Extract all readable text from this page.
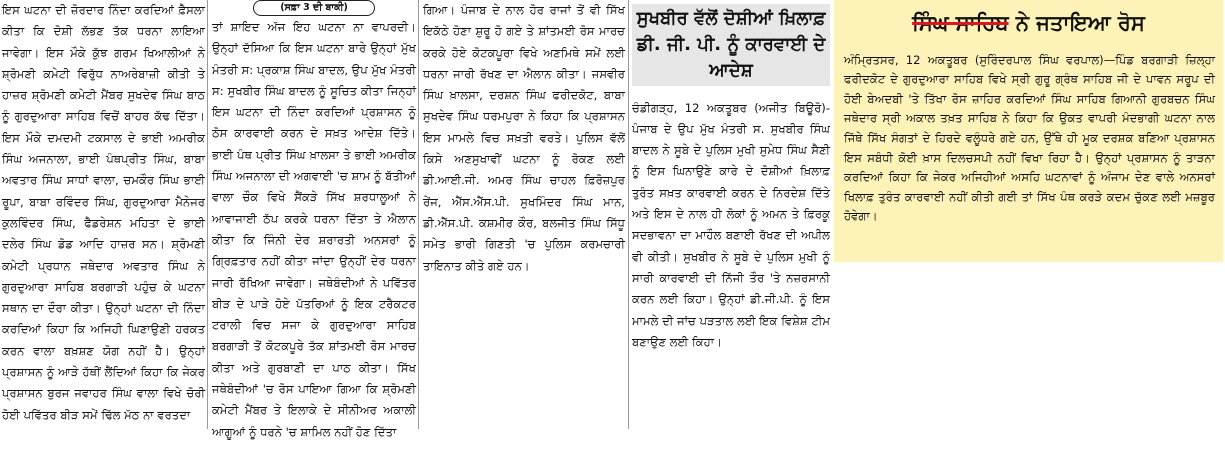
ਇਸ ਘਟਨਾ ਦੀ ਜ਼ੋਰਦਾਰ ਨਿੰਦਾ ਕਰਦਿਆਂ ਫ਼ੈਸਲਾ ਕੀਤਾ ਕਿ ਦੋਸ਼ੀ ਲੱਭਣ ਤੱਕ ਧਰਨਾ ਲਾਇਆ ਜਾਵੇਗਾ। ਇਸ ਮੌਕੇ ਕੁੱਝ ਗਰਮ ਖਿਆਲੀਆਂ ਨੇ ਸ਼੍ਰੋਮਣੀ ਕਮੇਟੀ ਵਿਰੁੱਧ ਨਾਅਰੇਬਾਜ਼ੀ ਕੀਤੀ ਤੇ ਹਾਜ਼ਰ ਸ਼੍ਰੋਮਣੀ ਕਮੇਟੀ ਮੈਂਬਰ ਸੁਖਦੇਵ ਸਿੰਘ ਬਾਠ ਨੂੰ ਗੁਰਦੁਆਰਾ ਸਾਹਿਬ ਵਿਚੋਂ ਬਾਹਰ ਕੱਢ ਦਿੱਤਾ। ਇਸ ਮੌਕੇ ਦਮਦਮੀ ਟਕਸਾਲ ਦੇ ਭਾਈ ਅਮਰੀਕ ਸਿੰਘ ਅਜਨਾਲਾ, ਭਾਈ ਪੰਥਪ੍ਰੀਤ ਸਿੰਘ, ਬਾਬਾ ਅਵਤਾਰ ਸਿੰਘ ਸਾਧਾਂ ਵਾਲਾ, ਚਮਕੌਰ ਸਿੰਘ ਭਾਈ ਰੂਪਾ, ਬਾਬਾ ਰਵਿੰਦਰ ਸਿੰਘ, ਗੁਰਦੁਆਰਾ ਮੈਨੇਜਰ ਕੁਲਵਿੰਦਰ ਸਿੰਘ, ਫੈਡਰੇਸ਼ਨ ਮਹਿਤਾ ਦੇ ਭਾਈ ਦਲੇਰ ਸਿੰਘ ਡੋਡ ਆਦਿ ਹਾਜ਼ਰ ਸਨ। ਸ਼੍ਰੋਮਣੀ ਕਮੇਟੀ ਪ੍ਰਧਾਨ ਜਥੇਦਾਰ ਅਵਤਾਰ ਸਿੰਘ ਨੇ ਗੁਰਦੁਆਰਾ ਸਾਹਿਬ ਬਰਗਾੜੀ ਪਹੁੰਚ ਕੇ ਘਟਨਾ ਸਥਾਨ ਦਾ ਦੌਰਾ ਕੀਤਾ। ਉਨ੍ਹਾਂ ਘਟਨਾ ਦੀ ਨਿੰਦਾ ਕਰਦਿਆਂ ਕਿਹਾ ਕਿ ਅਜਿਹੀ ਘਿਣਾਉਣੀ ਹਰਕਤ ਕਰਨ ਵਾਲਾ ਬਖ਼ਸ਼ਣ ਯੋਗ ਨਹੀਂ ਹੈ। ਉਨ੍ਹਾਂ ਪ੍ਰਸ਼ਾਸਨ ਨੂੰ ਆੜੇ ਹੱਥੀਂ ਲੈਂਦਿਆਂ ਕਿਹਾ ਕਿ ਜੇਕਰ ਪ੍ਰਸ਼ਾਸਨ ਬੁਰਜ ਜਵਾਹਰ ਸਿੰਘ ਵਾਲਾ ਵਿਖੇ ਚੋਰੀ ਹੋਈ ਪਵਿੱਤਰ ਬੀੜ ਸਮੇਂ ਢਿੱਲ ਮੱਠ ਨਾ ਵਰਤਦਾ

(ਸਫ਼ਾ 3 ਦੀ ਬਾਕੀ)

ਤਾਂ ਸ਼ਾਇਦ ਅੱਜ ਇਹ ਘਟਨਾ ਨਾ ਵਾਪਰਦੀ। ਉਨ੍ਹਾਂ ਦੱਸਿਆ ਕਿ ਇਸ ਘਟਨਾ ਬਾਰੇ ਉਨ੍ਹਾਂ ਮੁੱਖ ਮੰਤਰੀ ਸ: ਪ੍ਰਕਾਸ਼ ਸਿੰਘ ਬਾਦਲ, ਉਪ ਮੁੱਖ ਮੰਤਰੀ ਸ: ਸੁਖਬੀਰ ਸਿੰਘ ਬਾਦਲ ਨੂੰ ਸੂਚਿਤ ਕੀਤਾ ਜਿਨ੍ਹਾਂ ਇਸ ਘਟਨਾ ਦੀ ਨਿੰਦਾ ਕਰਦਿਆਂ ਪ੍ਰਸ਼ਾਸਨ ਨੂੰ ਠੋਸ ਕਾਰਵਾਈ ਕਰਨ ਦੇ ਸਖ਼ਤ ਆਦੇਸ਼ ਦਿੱਤੇ। ਭਾਈ ਪੰਥ ਪ੍ਰੀਤ ਸਿੰਘ ਖ਼ਾਲਸਾ ਤੇ ਭਾਈ ਅਮਰੀਕ ਸਿੰਘ ਅਜਨਾਲਾ ਦੀ ਅਗਵਾਈ 'ਚ ਸ਼ਾਮ ਨੂੰ ਬੱਤੀਆਂ ਵਾਲਾ ਚੌਕ ਵਿਖੇ ਸੈਂਕੜੇ ਸਿੱਖ ਸ਼ਰਧਾਲੂਆਂ ਨੇ ਆਵਾਜਾਈ ਠੱਪ ਕਰਕੇ ਧਰਨਾ ਦਿੱਤਾ ਤੇ ਐਲਾਨ ਕੀਤਾ ਕਿ ਜਿੰਨੀ ਦੇਰ ਸ਼ਰਾਰਤੀ ਅਨਸਰਾਂ ਨੂੰ ਗ੍ਰਿਫ਼ਤਾਰ ਨਹੀਂ ਕੀਤਾ ਜਾਂਦਾ ਉਨ੍ਹੀਂ ਦੇਰ ਧਰਨਾ ਜਾਰੀ ਰੱਖਿਆ ਜਾਵੇਗਾ। ਜਥੇਬੰਦੀਆਂ ਨੇ ਪਵਿੱਤਰ ਬੀੜ ਦੇ ਪਾੜੇ ਹੋਏ ਪੱਤਰਿਆਂ ਨੂੰ ਇਕ ਟਰੈਕਟਰ ਟਰਾਲੀ ਵਿਚ ਸਜਾ ਕੇ ਗੁਰਦੁਆਰਾ ਸਾਹਿਬ ਬਰਗਾੜੀ ਤੋਂ ਕੋਟਕਪੂਰੇ ਤੱਕ ਸ਼ਾਂਤਮਈ ਰੋਸ ਮਾਰਚ ਕੀਤਾ ਅਤੇ ਗੁਰਬਾਣੀ ਦਾ ਪਾਠ ਕੀਤਾ। ਸਿੱਖ ਜਥੇਬੰਦੀਆਂ 'ਚ ਰੋਸ ਪਾਇਆ ਗਿਆ ਕਿ ਸ਼੍ਰੋਮਣੀ ਕਮੇਟੀ ਮੈਂਬਰ ਤੇ ਇਲਾਕੇ ਦੇ ਸੀਨੀਅਰ ਅਕਾਲੀ ਆਗੂਆਂ ਨੂੰ ਧਰਨੇ 'ਚ ਸ਼ਾਮਿਲ ਨਹੀਂ ਹੋਣ ਦਿੱਤਾ

ਗਿਆ। ਪੰਜਾਬ ਦੇ ਨਾਲ ਹੋਰ ਰਾਜਾਂ ਤੋਂ ਵੀ ਸਿੱਖ ਇਕੱਠੇ ਹੋਣਾ ਸ਼ੁਰੂ ਹੋ ਗਏ ਤੇ ਸ਼ਾਂਤਮਈ ਰੋਸ ਮਾਰਚ ਕਰਕੇ ਹੋਏ ਕੋਟਕਪੂਰਾ ਵਿਖੇ ਅਣਮਿਥੇ ਸਮੇਂ ਲਈ ਧਰਨਾ ਜਾਰੀ ਰੱਖਣ ਦਾ ਐਲਾਨ ਕੀਤਾ। ਜਸਵੀਰ ਸਿੰਘ ਖ਼ਾਲਸਾ, ਦਰਸ਼ਨ ਸਿੰਘ ਫਰੀਦਕੋਟ, ਬਾਬਾ ਸੁਖਦੇਵ ਸਿੰਘ ਧਰਮਪੁਰਾ ਨੇ ਕਿਹਾ ਕਿ ਪ੍ਰਸ਼ਾਸਨ ਇਸ ਮਾਮਲੇ ਵਿਚ ਸਖ਼ਤੀ ਵਰਤੇ। ਪੁਲਿਸ ਵੱਲੋਂ ਕਿਸੇ ਅਣਸੁਖਾਵੀਂ ਘਟਨਾ ਨੂੰ ਰੋਕਣ ਲਈ ਡੀ.ਆਈ.ਜੀ. ਅਮਰ ਸਿੰਘ ਚਾਹਲ ਫ਼ਿਰੋਜ਼ਪੁਰ ਰੇਂਜ, ਐੱਸ.ਐੱਸ.ਪੀ. ਸੁਖਮਿੰਦਰ ਸਿੰਘ ਮਾਨ, ਡੀ.ਐੱਸ.ਪੀ. ਕਸ਼ਮੀਰ ਕੌਰ, ਬਲਜੀਤ ਸਿੰਘ ਸਿੱਧੂ ਸਮੇਤ ਭਾਰੀ ਗਿਣਤੀ 'ਚ ਪੁਲਿਸ ਕਰਮਚਾਰੀ ਤਾਇਨਾਤ ਕੀਤੇ ਗਏ ਹਨ।

ਸੁਖਬੀਰ ਵੱਲੋਂ ਦੋਸ਼ੀਆਂ ਖ਼ਿਲਾਫ਼ ਡੀ. ਜੀ. ਪੀ. ਨੂੰ ਕਾਰਵਾਈ ਦੇ ਆਦੇਸ਼

ਚੰਡੀਗੜ੍ਹ, 12 ਅਕਤੂਬਰ (ਅਜੀਤ ਬਿਊਰੋ)-ਪੰਜਾਬ ਦੇ ਉਪ ਮੁੱਖ ਮੰਤਰੀ ਸ. ਸੁਖਬੀਰ ਸਿੰਘ ਬਾਦਲ ਨੇ ਸੂਬੇ ਦੇ ਪੁਲਿਸ ਮੁਖੀ ਸੁਮੇਧ ਸਿੰਘ ਸੈਣੀ ਨੂੰ ਇਸ ਘਿਨਾਉਣੇ ਕਾਰੇ ਦੇ ਦੋਸ਼ੀਆਂ ਖ਼ਿਲਾਫ਼ ਤੁਰੰਤ ਸਖ਼ਤ ਕਾਰਵਾਈ ਕਰਨ ਦੇ ਨਿਰਦੇਸ਼ ਦਿੱਤੇ ਅਤੇ ਇਸ ਦੇ ਨਾਲ ਹੀ ਲੋਕਾਂ ਨੂੰ ਅਮਨ ਤੇ ਫ਼ਿਰਕੂ ਸਦਭਾਵਨਾ ਦਾ ਮਾਹੌਲ ਬਣਾਈ ਰੱਖਣ ਦੀ ਅਪੀਲ ਵੀ ਕੀਤੀ। ਸੁਖਬੀਰ ਨੇ ਸੂਬੇ ਦੇ ਪੁਲਿਸ ਮੁਖੀ ਨੂੰ ਸਾਰੀ ਕਾਰਵਾਈ ਦੀ ਨਿੱਜੀ ਤੌਰ 'ਤੇ ਨਜ਼ਰਸਾਨੀ ਕਰਨ ਲਈ ਕਿਹਾ। ਉਨ੍ਹਾਂ ਡੀ.ਜੀ.ਪੀ. ਨੂੰ ਇਸ ਮਾਮਲੇ ਦੀ ਜਾਂਚ ਪੜਤਾਲ ਲਈ ਇਕ ਵਿਸ਼ੇਸ਼ ਟੀਮ ਬਣਾਉਣ ਲਈ ਕਿਹਾ।

ਸਿੰਘ ਸਾਹਿਬ ਨੇ ਜਤਾਇਆ ਰੋਸ

ਅੰਮ੍ਰਿਤਸਰ, 12 ਅਕਤੂਬਰ (ਸੁਰਿੰਦਰਪਾਲ ਸਿੰਘ ਵਰਪਾਲ)—ਪਿੰਡ ਬਰਗਾੜੀ ਜ਼ਿਲ੍ਹਾ ਫਰੀਦਕੋਟ ਦੇ ਗੁਰਦੁਆਰਾ ਸਾਹਿਬ ਵਿਖੇ ਸ੍ਰੀ ਗੁਰੂ ਗ੍ਰੰਥ ਸਾਹਿਬ ਜੀ ਦੇ ਪਾਵਨ ਸਰੂਪ ਦੀ ਹੋਈ ਬੇਅਦਬੀ 'ਤੇ ਤਿੱਖਾ ਰੋਸ ਜ਼ਾਹਿਰ ਕਰਦਿਆਂ ਸਿੰਘ ਸਾਹਿਬ ਗਿਆਨੀ ਗੁਰਬਚਨ ਸਿੰਘ ਜਥੇਦਾਰ ਸ੍ਰੀ ਅਕਾਲ ਤਖ਼ਤ ਸਾਹਿਬ ਨੇ ਕਿਹਾ ਕਿ ਉਕਤ ਵਾਪਰੀ ਮੰਦਭਾਗੀ ਘਟਨਾ ਨਾਲ ਜਿੱਥੇ ਸਿੱਖ ਸੰਗਤਾਂ ਦੇ ਹਿਰਦੇ ਵਲੂੰਧਰੇ ਗਏ ਹਨ, ਉੱਥੇ ਹੀ ਮੂਕ ਦਰਸ਼ਕ ਬਣਿਆ ਪ੍ਰਸ਼ਾਸਨ ਇਸ ਸਬੰਧੀ ਕੋਈ ਖ਼ਾਸ ਦਿਲਚਸਪੀ ਨਹੀਂ ਵਿਖਾ ਰਿਹਾ ਹੈ। ਉਨ੍ਹਾਂ ਪ੍ਰਸ਼ਾਸਨ ਨੂੰ ਤਾੜਨਾ ਕਰਦਿਆਂ ਕਿਹਾ ਕਿ ਜੇਕਰ ਅਜਿਹੀਆਂ ਅਸਹਿ ਘਟਨਾਵਾਂ ਨੂੰ ਅੰਜਾਮ ਦੇਣ ਵਾਲੇ ਅਨਸਰਾਂ ਖਿਲਾਫ਼ ਤੁਰੰਤ ਕਾਰਵਾਈ ਨਹੀਂ ਕੀਤੀ ਗਈ ਤਾਂ ਸਿੱਖ ਪੰਥ ਕਰੜੇ ਕਦਮ ਚੁੱਕਣ ਲਈ ਮਜ਼ਬੂਰ ਹੋਵੇਗਾ।
